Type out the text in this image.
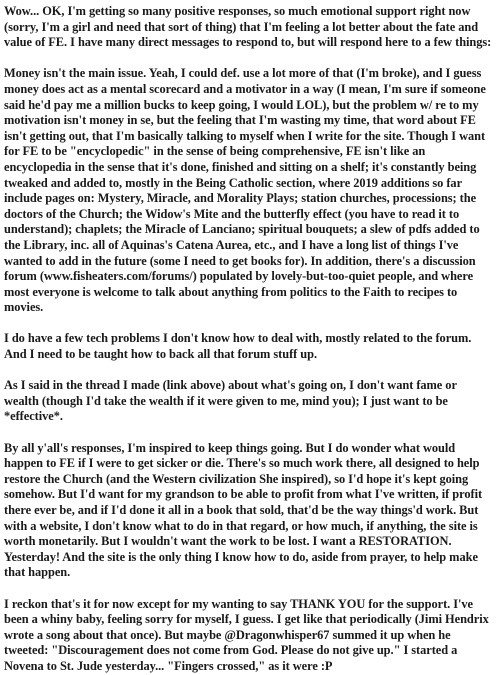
Wow... OK, I'm getting so many positive responses, so much emotional support right now (sorry, I'm a girl and need that sort of thing) that I'm feeling a lot better about the fate and value of FE. I have many direct messages to respond to, but will respond here to a few things:

Money isn't the main issue. Yeah, I could def. use a lot more of that (I'm broke), and I guess money does act as a mental scorecard and a motivator in a way (I mean, I'm sure if someone said he'd pay me a million bucks to keep going, I would LOL), but the problem w/ re to my motivation isn't money in se, but the feeling that I'm wasting my time, that word about FE isn't getting out, that I'm basically talking to myself when I write for the site. Though I want for FE to be "encyclopedic" in the sense of being comprehensive, FE isn't like an encyclopedia in the sense that it's done, finished and sitting on a shelf; it's constantly being tweaked and added to, mostly in the Being Catholic section, where 2019 additions so far include pages on: Mystery, Miracle, and Morality Plays; station churches, processions; the doctors of the Church; the Widow's Mite and the butterfly effect (you have to read it to understand); chaplets; the Miracle of Lanciano; spiritual bouquets; a slew of pdfs added to the Library, inc. all of Aquinas's Catena Aurea, etc., and I have a long list of things I've wanted to add in the future (some I need to get books for). In addition, there's a discussion forum (www.fisheaters.com/forums/) populated by lovely-but-too-quiet people, and where most everyone is welcome to talk about anything from politics to the Faith to recipes to movies.

I do have a few tech problems I don't know how to deal with, mostly related to the forum. And I need to be taught how to back all that forum stuff up.

As I said in the thread I made (link above) about what's going on, I don't want fame or wealth (though I'd take the wealth if it were given to me, mind you); I just want to be *effective*.

By all y'all's responses, I'm inspired to keep things going. But I do wonder what would happen to FE if I were to get sicker or die. There's so much work there, all designed to help restore the Church (and the Western civilization She inspired), so I'd hope it's kept going somehow. But I'd want for my grandson to be able to profit from what I've written, if profit there ever be, and if I'd done it all in a book that sold, that'd be the way things'd work. But with a website, I don't know what to do in that regard, or how much, if anything, the site is worth monetarily. But I wouldn't want the work to be lost. I want a RESTORATION. Yesterday! And the site is the only thing I know how to do, aside from prayer, to help make that happen.

I reckon that's it for now except for my wanting to say THANK YOU for the support. I've been a whiny baby, feeling sorry for myself, I guess. I get like that periodically (Jimi Hendrix wrote a song about that once). But maybe @Dragonwhisper67 summed it up when he tweeted: "Discouragement does not come from God. Please do not give up." I started a Novena to St. Jude yesterday... "Fingers crossed," as it were :P
